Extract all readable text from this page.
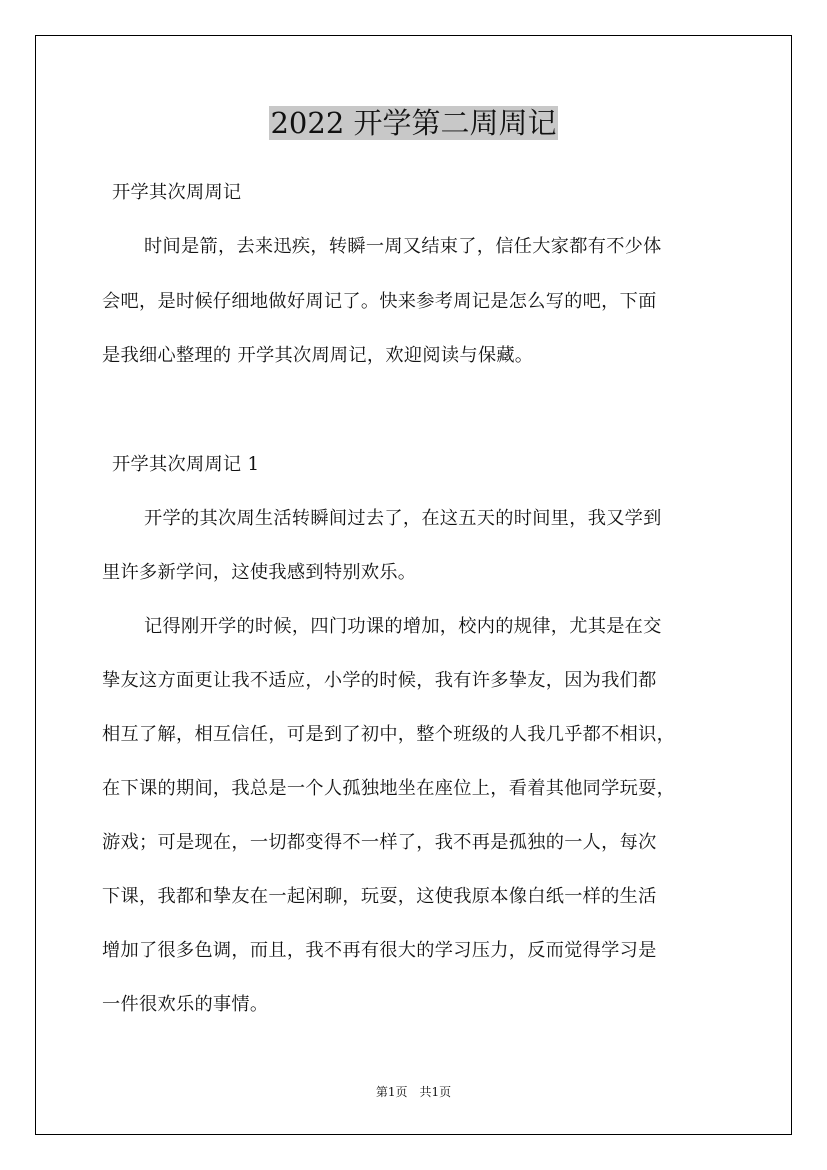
2022 开学第二周周记
开学其次周周记
时间是箭，去来迅疾，转瞬一周又结束了，信任大家都有不少体
会吧，是时候仔细地做好周记了。快来参考周记是怎么写的吧，下面
是我细心整理的 开学其次周周记，欢迎阅读与保藏。
开学其次周周记 1
开学的其次周生活转瞬间过去了，在这五天的时间里，我又学到
里许多新学问，这使我感到特别欢乐。
记得刚开学的时候，四门功课的增加，校内的规律，尤其是在交
挚友这方面更让我不适应，小学的时候，我有许多挚友，因为我们都
相互了解，相互信任，可是到了初中，整个班级的人我几乎都不相识，
在下课的期间，我总是一个人孤独地坐在座位上，看着其他同学玩耍，
游戏；可是现在，一切都变得不一样了，我不再是孤独的一人，每次
下课，我都和挚友在一起闲聊，玩耍，这使我原本像白纸一样的生活
增加了很多色调，而且，我不再有很大的学习压力，反而觉得学习是
一件很欢乐的事情。
第1页　共1页
